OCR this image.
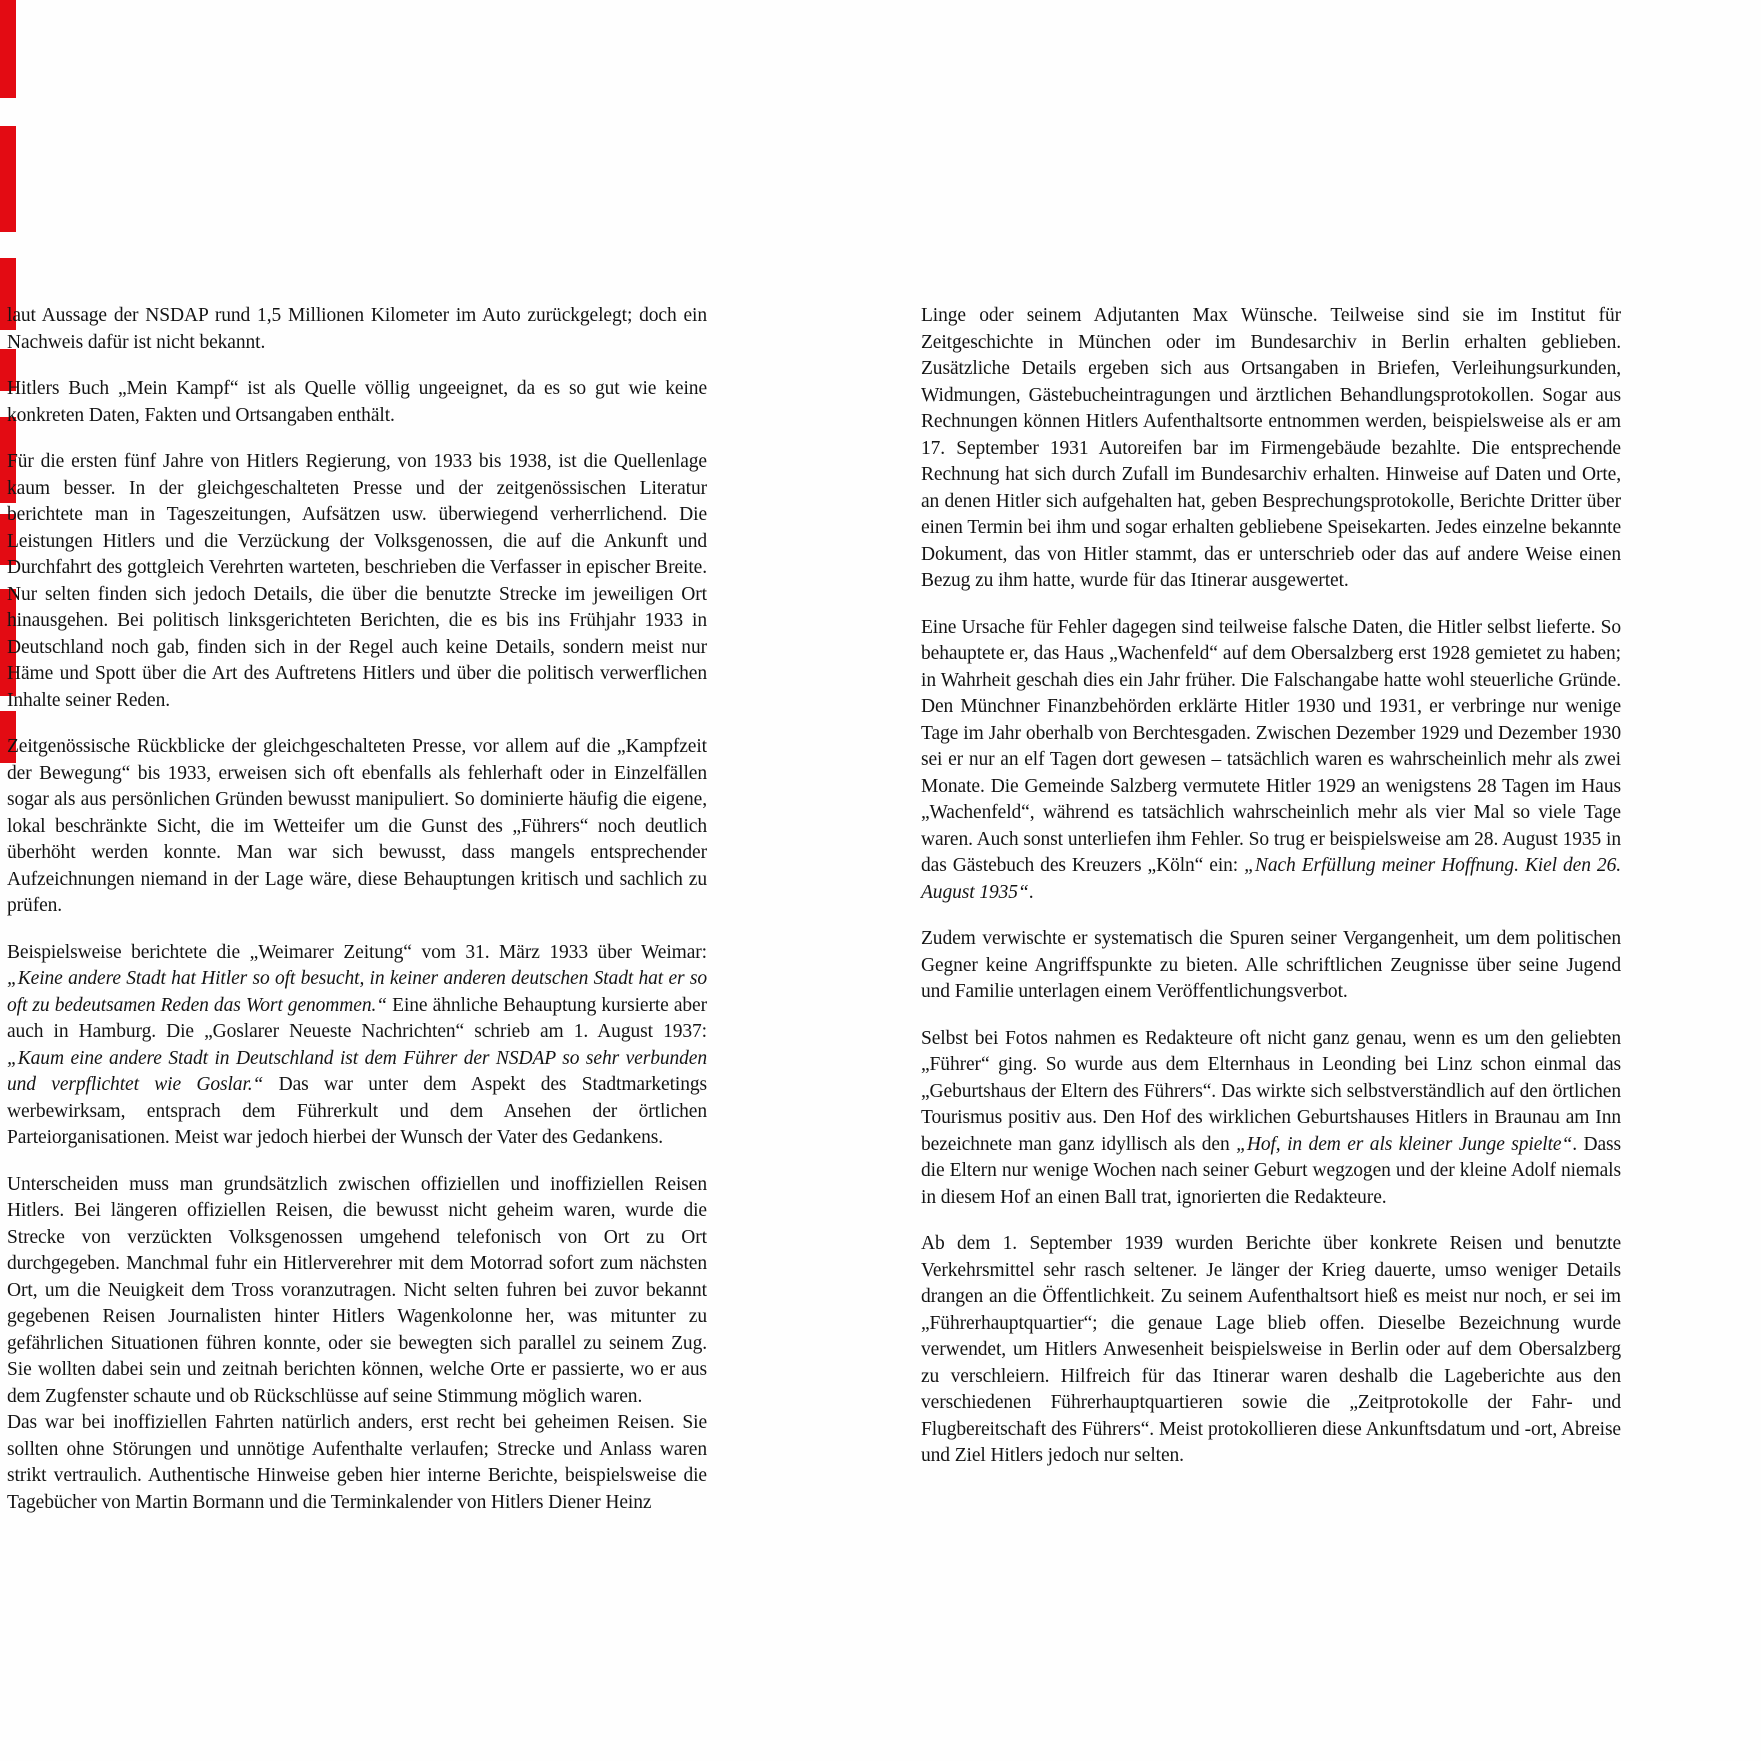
laut Aussage der NSDAP rund 1,5 Millionen Kilometer im Auto zurückgelegt; doch ein Nachweis dafür ist nicht bekannt.

Hitlers Buch „Mein Kampf“ ist als Quelle völlig ungeeignet, da es so gut wie keine konkreten Daten, Fakten und Ortsangaben enthält.

Für die ersten fünf Jahre von Hitlers Regierung, von 1933 bis 1938, ist die Quellenlage kaum besser. In der gleichgeschalteten Presse und der zeitgenössischen Literatur berichtete man in Tageszeitungen, Aufsätzen usw. überwiegend verherrlichend. Die Leistungen Hitlers und die Verzückung der Volksgenossen, die auf die Ankunft und Durchfahrt des gottgleich Verehrten warteten, beschrieben die Verfasser in epischer Breite. Nur selten finden sich jedoch Details, die über die benutzte Strecke im jeweiligen Ort hinausgehen. Bei politisch linksgerichteten Berichten, die es bis ins Frühjahr 1933 in Deutschland noch gab, finden sich in der Regel auch keine Details, sondern meist nur Häme und Spott über die Art des Auftretens Hitlers und über die politisch verwerflichen Inhalte seiner Reden.

Zeitgenössische Rückblicke der gleichgeschalteten Presse, vor allem auf die „Kampfzeit der Bewegung“ bis 1933, erweisen sich oft ebenfalls als fehlerhaft oder in Einzelfällen sogar als aus persönlichen Gründen bewusst manipuliert. So dominierte häufig die eigene, lokal beschränkte Sicht, die im Wetteifer um die Gunst des „Führers“ noch deutlich überhöht werden konnte. Man war sich bewusst, dass mangels entsprechender Aufzeichnungen niemand in der Lage wäre, diese Behauptungen kritisch und sachlich zu prüfen.

Beispielsweise berichtete die „Weimarer Zeitung“ vom 31. März 1933 über Weimar: „Keine andere Stadt hat Hitler so oft besucht, in keiner anderen deutschen Stadt hat er so oft zu bedeutsamen Reden das Wort genommen.“ Eine ähnliche Behauptung kursierte aber auch in Hamburg. Die „Goslarer Neueste Nachrichten“ schrieb am 1. August 1937: „Kaum eine andere Stadt in Deutschland ist dem Führer der NSDAP so sehr verbunden und verpflichtet wie Goslar.“ Das war unter dem Aspekt des Stadtmarketings werbewirksam, entsprach dem Führerkult und dem Ansehen der örtlichen Parteiorganisationen. Meist war jedoch hierbei der Wunsch der Vater des Gedankens.

Unterscheiden muss man grundsätzlich zwischen offiziellen und inoffiziellen Reisen Hitlers. Bei längeren offiziellen Reisen, die bewusst nicht geheim waren, wurde die Strecke von verzückten Volksgenossen umgehend telefonisch von Ort zu Ort durchgegeben. Manchmal fuhr ein Hitlerverehrer mit dem Motorrad sofort zum nächsten Ort, um die Neuigkeit dem Tross voranzutragen. Nicht selten fuhren bei zuvor bekannt gegebenen Reisen Journalisten hinter Hitlers Wagenkolonne her, was mitunter zu gefährlichen Situationen führen konnte, oder sie bewegten sich parallel zu seinem Zug. Sie wollten dabei sein und zeitnah berichten können, welche Orte er passierte, wo er aus dem Zugfenster schaute und ob Rückschlüsse auf seine Stimmung möglich waren.

Das war bei inoffiziellen Fahrten natürlich anders, erst recht bei geheimen Reisen. Sie sollten ohne Störungen und unnötige Aufenthalte verlaufen; Strecke und Anlass waren strikt vertraulich. Authentische Hinweise geben hier interne Berichte, beispielsweise die Tagebücher von Martin Bormann und die Terminkalender von Hitlers Diener Heinz

Linge oder seinem Adjutanten Max Wünsche. Teilweise sind sie im Institut für Zeitgeschichte in München oder im Bundesarchiv in Berlin erhalten geblieben. Zusätzliche Details ergeben sich aus Ortsangaben in Briefen, Verleihungsurkunden, Widmungen, Gästebucheintragungen und ärztlichen Behandlungsprotokollen. Sogar aus Rechnungen können Hitlers Aufenthaltsorte entnommen werden, beispielsweise als er am 17. September 1931 Autoreifen bar im Firmengebäude bezahlte. Die entsprechende Rechnung hat sich durch Zufall im Bundesarchiv erhalten. Hinweise auf Daten und Orte, an denen Hitler sich aufgehalten hat, geben Besprechungsprotokolle, Berichte Dritter über einen Termin bei ihm und sogar erhalten gebliebene Speisekarten. Jedes einzelne bekannte Dokument, das von Hitler stammt, das er unterschrieb oder das auf andere Weise einen Bezug zu ihm hatte, wurde für das Itinerar ausgewertet.

Eine Ursache für Fehler dagegen sind teilweise falsche Daten, die Hitler selbst lieferte. So behauptete er, das Haus „Wachenfeld“ auf dem Obersalzberg erst 1928 gemietet zu haben; in Wahrheit geschah dies ein Jahr früher. Die Falschangabe hatte wohl steuerliche Gründe. Den Münchner Finanzbehörden erklärte Hitler 1930 und 1931, er verbringe nur wenige Tage im Jahr oberhalb von Berchtesgaden. Zwischen Dezember 1929 und Dezember 1930 sei er nur an elf Tagen dort gewesen – tatsächlich waren es wahrscheinlich mehr als zwei Monate. Die Gemeinde Salzberg vermutete Hitler 1929 an wenigstens 28 Tagen im Haus „Wachenfeld“, während es tatsächlich wahrscheinlich mehr als vier Mal so viele Tage waren. Auch sonst unterliefen ihm Fehler. So trug er beispielsweise am 28. August 1935 in das Gästebuch des Kreuzers „Köln“ ein: „Nach Erfüllung meiner Hoffnung. Kiel den 26. August 1935“.

Zudem verwischte er systematisch die Spuren seiner Vergangenheit, um dem politischen Gegner keine Angriffspunkte zu bieten. Alle schriftlichen Zeugnisse über seine Jugend und Familie unterlagen einem Veröffentlichungsverbot.

Selbst bei Fotos nahmen es Redakteure oft nicht ganz genau, wenn es um den geliebten „Führer“ ging. So wurde aus dem Elternhaus in Leonding bei Linz schon einmal das „Geburtshaus der Eltern des Führers“. Das wirkte sich selbstverständlich auf den örtlichen Tourismus positiv aus. Den Hof des wirklichen Geburtshauses Hitlers in Braunau am Inn bezeichnete man ganz idyllisch als den „Hof, in dem er als kleiner Junge spielte“. Dass die Eltern nur wenige Wochen nach seiner Geburt wegzogen und der kleine Adolf niemals in diesem Hof an einen Ball trat, ignorierten die Redakteure.

Ab dem 1. September 1939 wurden Berichte über konkrete Reisen und benutzte Verkehrsmittel sehr rasch seltener. Je länger der Krieg dauerte, umso weniger Details drangen an die Öffentlichkeit. Zu seinem Aufenthaltsort hieß es meist nur noch, er sei im „Führerhauptquartier“; die genaue Lage blieb offen. Dieselbe Bezeichnung wurde verwendet, um Hitlers Anwesenheit beispielsweise in Berlin oder auf dem Obersalzberg zu verschleiern. Hilfreich für das Itinerar waren deshalb die Lageberichte aus den verschiedenen Führerhauptquartieren sowie die „Zeitprotokolle der Fahr- und Flugbereitschaft des Führers“. Meist protokollieren diese Ankunftsdatum und -ort, Abreise und Ziel Hitlers jedoch nur selten.
